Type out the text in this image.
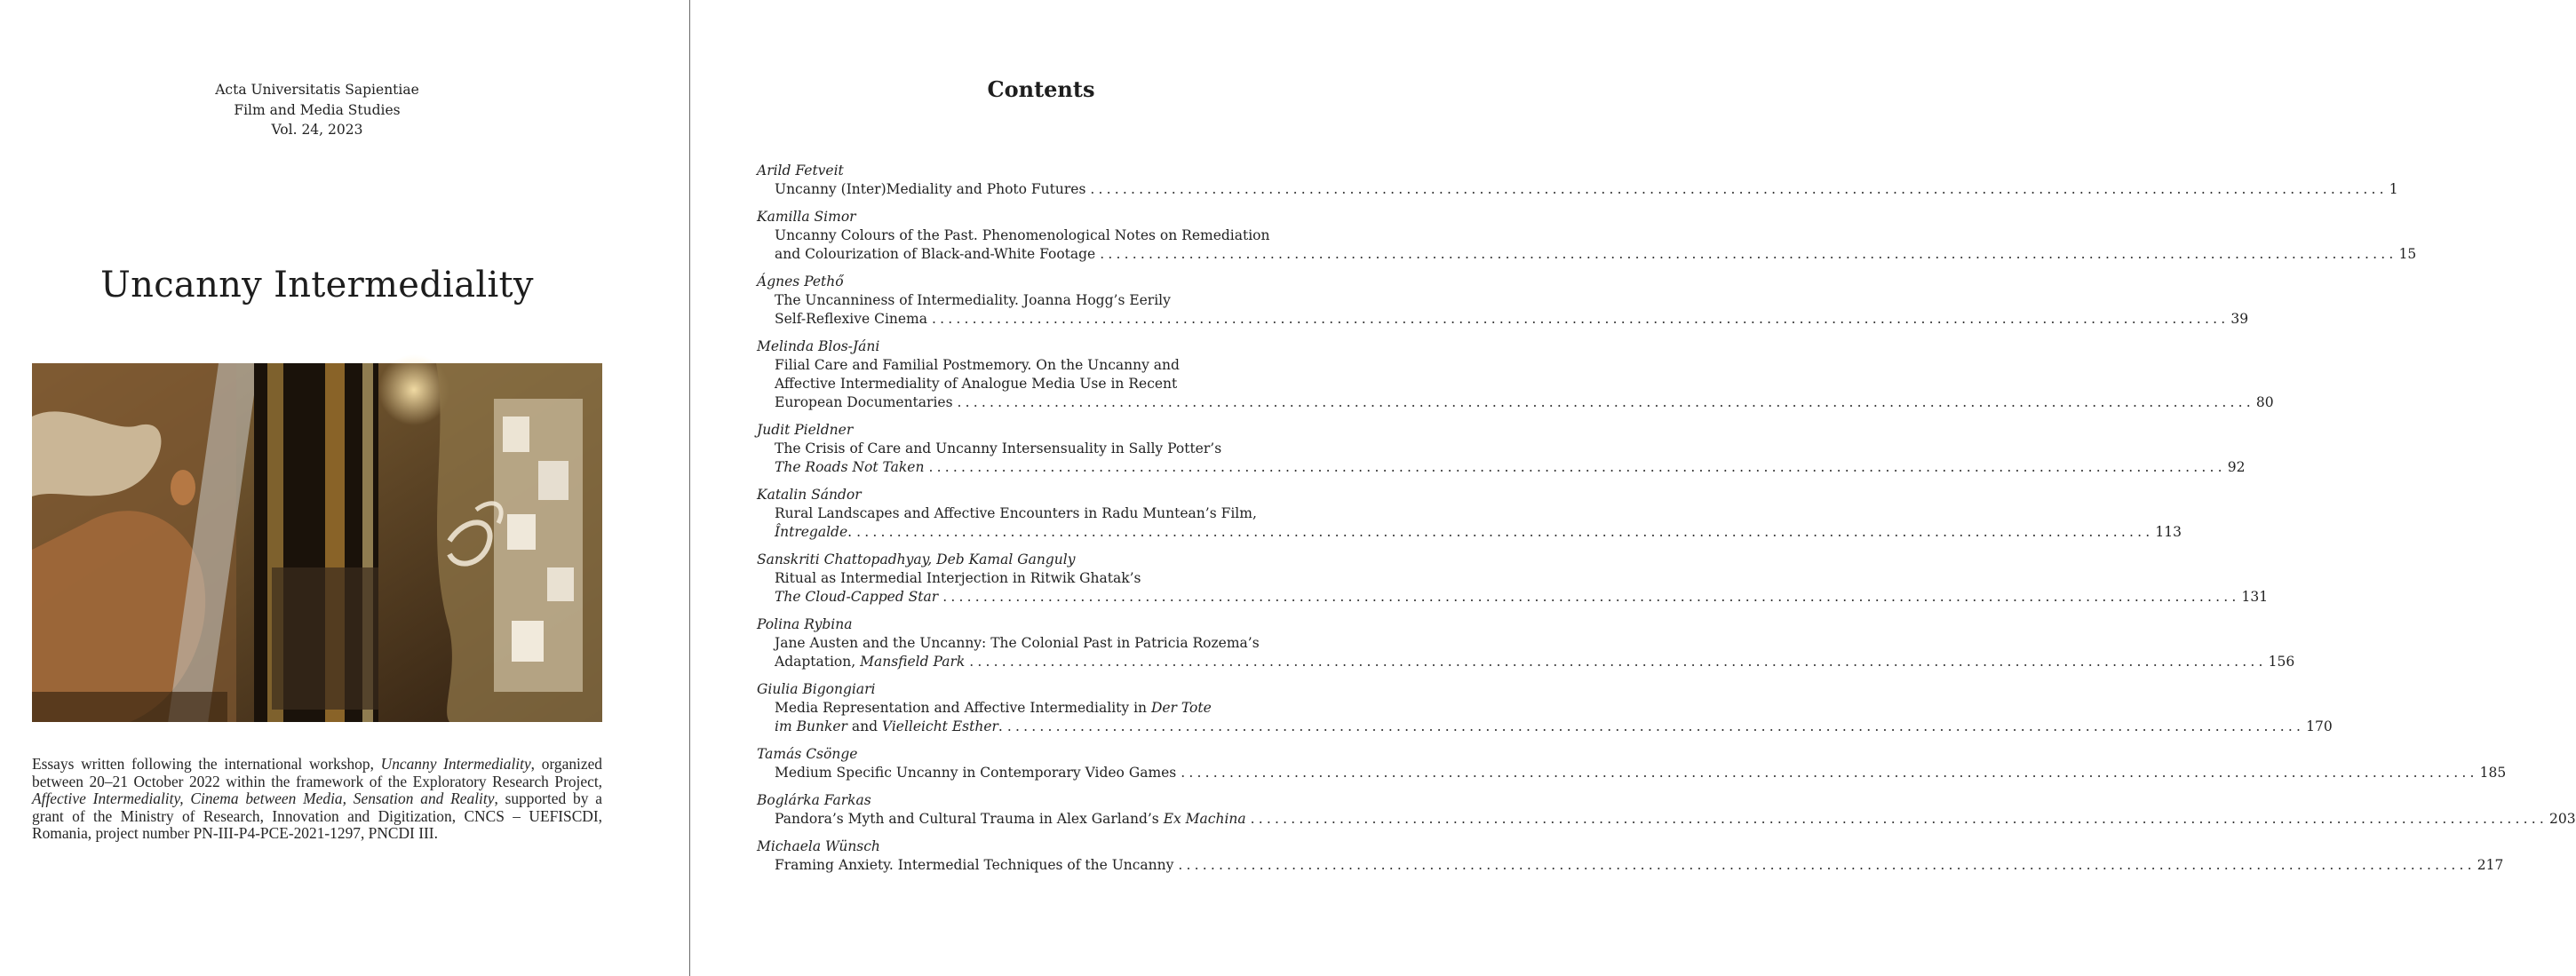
Acta Universitatis Sapientiae
Film and Media Studies
Vol. 24, 2023
Uncanny Intermediality
Essays written following the international workshop, Uncanny Intermediality, organized between 20–21 October 2022 within the framework of the Exploratory Research Project, Affective Intermediality, Cinema between Media, Sensation and Reality, supported by a grant of the Ministry of Research, Innovation and Digitization, CNCS – UEFISCDI, Romania, project number PN-III-P4-PCE-2021-1297, PNCDI III.
Contents
Arild Fetveit
Uncanny (Inter)Mediality and Photo Futures ................................................................................................................................................................ 1
Kamilla Simor
Uncanny Colours of the Past. Phenomenological Notes on Remediation
and Colourization of Black-and-White Footage ................................................................................................................................................................ 15
Ágnes Pethő
The Uncanniness of Intermediality. Joanna Hogg’s Eerily
Self-Reflexive Cinema ................................................................................................................................................................ 39
Melinda Blos-Jáni
Filial Care and Familial Postmemory. On the Uncanny and
Affective Intermediality of Analogue Media Use in Recent
European Documentaries ................................................................................................................................................................ 80
Judit Pieldner
The Crisis of Care and Uncanny Intersensuality in Sally Potter’s
The Roads Not Taken ................................................................................................................................................................ 92
Katalin Sándor
Rural Landscapes and Affective Encounters in Radu Muntean’s Film,
Întregalde. ................................................................................................................................................................ 113
Sanskriti Chattopadhyay, Deb Kamal Ganguly
Ritual as Intermedial Interjection in Ritwik Ghatak’s
The Cloud-Capped Star ................................................................................................................................................................ 131
Polina Rybina
Jane Austen and the Uncanny: The Colonial Past in Patricia Rozema’s
Adaptation, Mansfield Park ................................................................................................................................................................ 156
Giulia Bigongiari
Media Representation and Affective Intermediality in Der Tote
im Bunker and Vielleicht Esther. ................................................................................................................................................................ 170
Tamás Csönge
Medium Specific Uncanny in Contemporary Video Games ................................................................................................................................................................ 185
Boglárka Farkas
Pandora’s Myth and Cultural Trauma in Alex Garland’s Ex Machina ................................................................................................................................................................ 203
Michaela Wünsch
Framing Anxiety. Intermedial Techniques of the Uncanny ................................................................................................................................................................ 217
